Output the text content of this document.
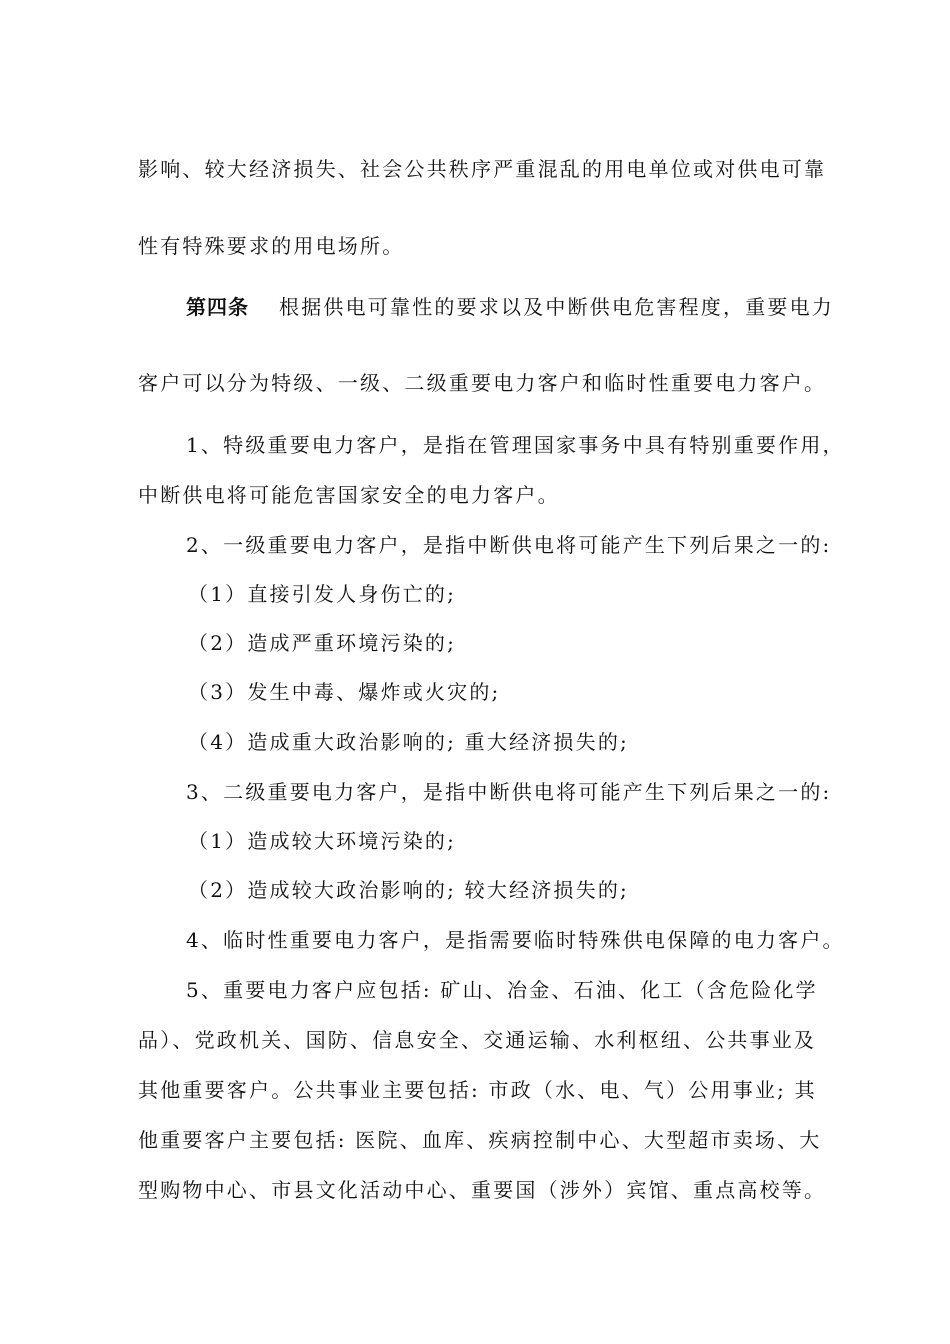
影响、较大经济损失、社会公共秩序严重混乱的用电单位或对供电可靠
性有特殊要求的用电场所。
第四条 根据供电可靠性的要求以及中断供电危害程度，重要电力
客户可以分为特级、一级、二级重要电力客户和临时性重要电力客户。
1、特级重要电力客户，是指在管理国家事务中具有特别重要作用，
中断供电将可能危害国家安全的电力客户。
2、一级重要电力客户，是指中断供电将可能产生下列后果之一的:
（1）直接引发人身伤亡的;
（2）造成严重环境污染的;
（3）发生中毒、爆炸或火灾的;
（4）造成重大政治影响的; 重大经济损失的;
3、二级重要电力客户，是指中断供电将可能产生下列后果之一的:
（1）造成较大环境污染的;
（2）造成较大政治影响的; 较大经济损失的;
4、临时性重要电力客户，是指需要临时特殊供电保障的电力客户。
5、重要电力客户应包括: 矿山、冶金、石油、化工（含危险化学
品）、党政机关、国防、信息安全、交通运输、水利枢纽、公共事业及
其他重要客户。公共事业主要包括: 市政（水、电、气）公用事业; 其
他重要客户主要包括: 医院、血库、疾病控制中心、大型超市卖场、大
型购物中心、市县文化活动中心、重要国（涉外）宾馆、重点高校等。
